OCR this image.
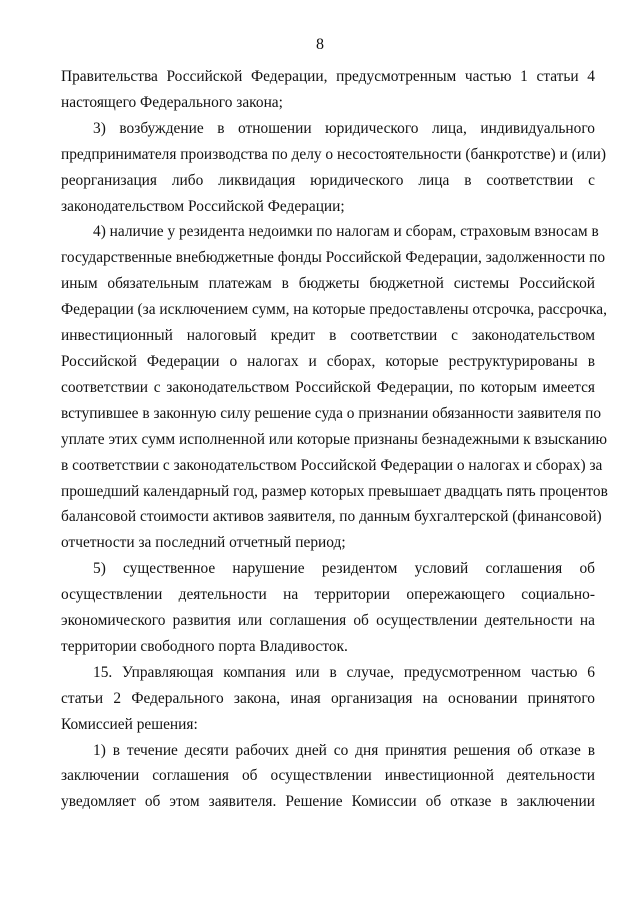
8
Правительства Российской Федерации, предусмотренным частью 1 статьи 4
настоящего Федерального закона;
3) возбуждение в отношении юридического лица, индивидуального
предпринимателя производства по делу о несостоятельности (банкротстве) и (или)
реорганизация либо ликвидация юридического лица в соответствии с
законодательством Российской Федерации;
4) наличие у резидента недоимки по налогам и сборам, страховым взносам в
государственные внебюджетные фонды Российской Федерации, задолженности по
иным обязательным платежам в бюджеты бюджетной системы Российской
Федерации (за исключением сумм, на которые предоставлены отсрочка, рассрочка,
инвестиционный налоговый кредит в соответствии с законодательством
Российской Федерации о налогах и сборах, которые реструктурированы в
соответствии с законодательством Российской Федерации, по которым имеется
вступившее в законную силу решение суда о признании обязанности заявителя по
уплате этих сумм исполненной или которые признаны безнадежными к взысканию
в соответствии с законодательством Российской Федерации о налогах и сборах) за
прошедший календарный год, размер которых превышает двадцать пять процентов
балансовой стоимости активов заявителя, по данным бухгалтерской (финансовой)
отчетности за последний отчетный период;
5) существенное нарушение резидентом условий соглашения об
осуществлении деятельности на территории опережающего социально-
экономического развития или соглашения об осуществлении деятельности на
территории свободного порта Владивосток.
15. Управляющая компания или в случае, предусмотренном частью 6
статьи 2 Федерального закона, иная организация на основании принятого
Комиссией решения:
1) в течение десяти рабочих дней со дня принятия решения об отказе в
заключении соглашения об осуществлении инвестиционной деятельности
уведомляет об этом заявителя. Решение Комиссии об отказе в заключении
